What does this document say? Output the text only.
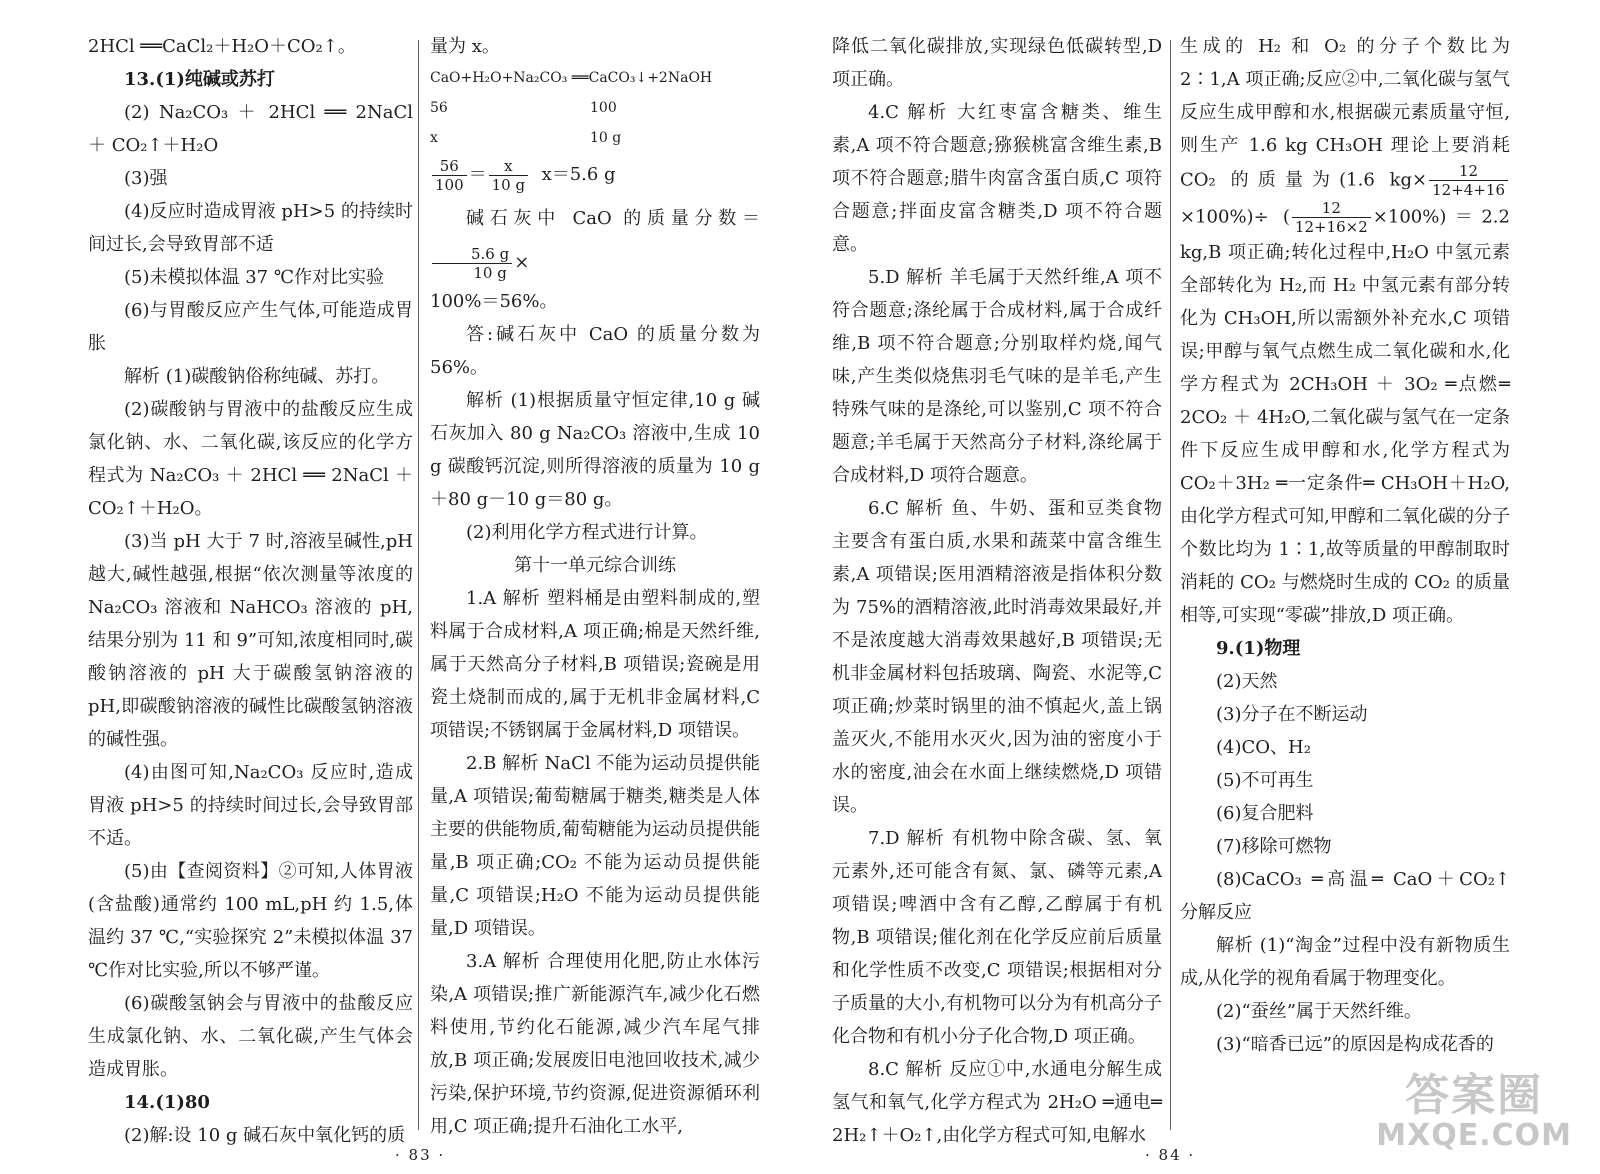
2HCl ══CaCl₂＋H₂O＋CO₂↑。

13.(1)纯碱或苏打

(2) Na₂CO₃ ＋ 2HCl ══ 2NaCl ＋ CO₂↑＋H₂O

(3)强

(4)反应时造成胃液 pH>5 的持续时间过长,会导致胃部不适

(5)未模拟体温 37 ℃作对比实验

(6)与胃酸反应产生气体,可能造成胃胀

解析 (1)碳酸钠俗称纯碱、苏打。

(2)碳酸钠与胃液中的盐酸反应生成氯化钠、水、二氧化碳,该反应的化学方程式为 Na₂CO₃ ＋ 2HCl ══ 2NaCl ＋ CO₂↑＋H₂O。

(3)当 pH 大于 7 时,溶液呈碱性,pH 越大,碱性越强,根据“依次测量等浓度的 Na₂CO₃ 溶液和 NaHCO₃ 溶液的 pH,结果分别为 11 和 9”可知,浓度相同时,碳酸钠溶液的 pH 大于碳酸氢钠溶液的 pH,即碳酸钠溶液的碱性比碳酸氢钠溶液的碱性强。

(4)由图可知,Na₂CO₃ 反应时,造成胃液 pH>5 的持续时间过长,会导致胃部不适。

(5)由【查阅资料】②可知,人体胃液(含盐酸)通常约 100 mL,pH 约 1.5,体温约 37 ℃,“实验探究 2”未模拟体温 37 ℃作对比实验,所以不够严谨。

(6)碳酸氢钠会与胃液中的盐酸反应生成氯化钠、水、二氧化碳,产生气体会造成胃胀。

14.(1)80

(2)解:设 10 g 碱石灰中氧化钙的质

量为 x。

CaO+H₂O+Na₂CO₃ ══CaCO₃↓+2NaOH
56	100
x	10 g

$\frac{56}{100} = \frac{x}{10 g} x=5.6$ g

碱石灰中 CaO 的质量分数＝
$\frac{5.6 g}{10 g}$ ×

100%＝56%。

答:碱石灰中 CaO 的质量分数为 56%。

解析 (1)根据质量守恒定律,10 g 碱石灰加入 80 g Na₂CO₃ 溶液中,生成 10 g 碳酸钙沉淀,则所得溶液的质量为 10 g＋80 g－10 g＝80 g。

(2)利用化学方程式进行计算。

第十一单元综合训练

1.A 解析 塑料桶是由塑料制成的,塑料属于合成材料,A 项正确;棉是天然纤维,属于天然高分子材料,B 项错误;瓷碗是用瓷土烧制而成的,属于无机非金属材料,C 项错误;不锈钢属于金属材料,D 项错误。

2.B 解析 NaCl 不能为运动员提供能量,A 项错误;葡萄糖属于糖类,糖类是人体主要的供能物质,葡萄糖能为运动员提供能量,B 项正确;CO₂ 不能为运动员提供能量,C 项错误;H₂O 不能为运动员提供能量,D 项错误。

3.A 解析 合理使用化肥,防止水体污染,A 项错误;推广新能源汽车,减少化石燃料使用,节约化石能源,减少汽车尾气排放,B 项正确;发展废旧电池回收技术,减少污染,保护环境,节约资源,促进资源循环利用,C 项正确;提升石油化工水平,

· 83 ·

降低二氧化碳排放,实现绿色低碳转型,D 项正确。

4.C 解析 大红枣富含糖类、维生素,A 项不符合题意;猕猴桃富含维生素,B 项不符合题意;腊牛肉富含蛋白质,C 项符合题意;拌面皮富含糖类,D 项不符合题意。

5.D 解析 羊毛属于天然纤维,A 项不符合题意;涤纶属于合成材料,属于合成纤维,B 项不符合题意;分别取样灼烧,闻气味,产生类似烧焦羽毛气味的是羊毛,产生特殊气味的是涤纶,可以鉴别,C 项不符合题意;羊毛属于天然高分子材料,涤纶属于合成材料,D 项符合题意。

6.C 解析 鱼、牛奶、蛋和豆类食物主要含有蛋白质,水果和蔬菜中富含维生素,A 项错误;医用酒精溶液是指体积分数为 75%的酒精溶液,此时消毒效果最好,并不是浓度越大消毒效果越好,B 项错误;无机非金属材料包括玻璃、陶瓷、水泥等,C 项正确;炒菜时锅里的油不慎起火,盖上锅盖灭火,不能用水灭火,因为油的密度小于水的密度,油会在水面上继续燃烧,D 项错误。

7.D 解析 有机物中除含碳、氢、氧元素外,还可能含有氮、氯、磷等元素,A 项错误;啤酒中含有乙醇,乙醇属于有机物,B 项错误;催化剂在化学反应前后质量和化学性质不改变,C 项错误;根据相对分子质量的大小,有机物可以分为有机高分子化合物和有机小分子化合物,D 项正确。

8.C 解析 反应①中,水通电分解生成氢气和氧气,化学方程式为 2H₂O ═通电═ 2H₂↑＋O₂↑,由化学方程式可知,电解水

生成的 H₂ 和 O₂ 的分子个数比为 2∶1,A 项正确;反应②中,二氧化碳与氢气反应生成甲醇和水,根据碳元素质量守恒,则生产 1.6 kg CH₃OH 理论上要消耗 CO₂ 的质量为(1.6 $kg\times \frac{12}{12+4+16}$
×100%)÷ ( $\frac{12}{12+16\times 2} \times 100\%)=2.2$ kg,B 项正确;转化过程中,H₂O 中氢元素全部转化为 H₂,而 H₂ 中氢元素有部分转化为 CH₃OH,所以需额外补充水,C 项错误;甲醇与氧气点燃生成二氧化碳和水,化学方程式为 2CH₃OH ＋ 3O₂ ═点燃═ 2CO₂ ＋ 4H₂O,二氧化碳与氢气在一定条件下反应生成甲醇和水,化学方程式为 CO₂＋3H₂ ═一定条件═ CH₃OH＋H₂O,由化学方程式可知,甲醇和二氧化碳的分子个数比均为 1∶1,故等质量的甲醇制取时消耗的 CO₂ 与燃烧时生成的 CO₂ 的质量相等,可实现“零碳”排放,D 项正确。

9.(1)物理

(2)天然

(3)分子在不断运动

(4)CO、H₂

(5)不可再生

(6)复合肥料

(7)移除可燃物

(8)CaCO₃ ═高温═ CaO＋CO₂↑　分解反应

解析 (1)“淘金”过程中没有新物质生成,从化学的视角看属于物理变化。

(2)“蚕丝”属于天然纤维。

(3)“暗香已远”的原因是构成花香的

· 84 ·
答案圈
MXQE.COM
